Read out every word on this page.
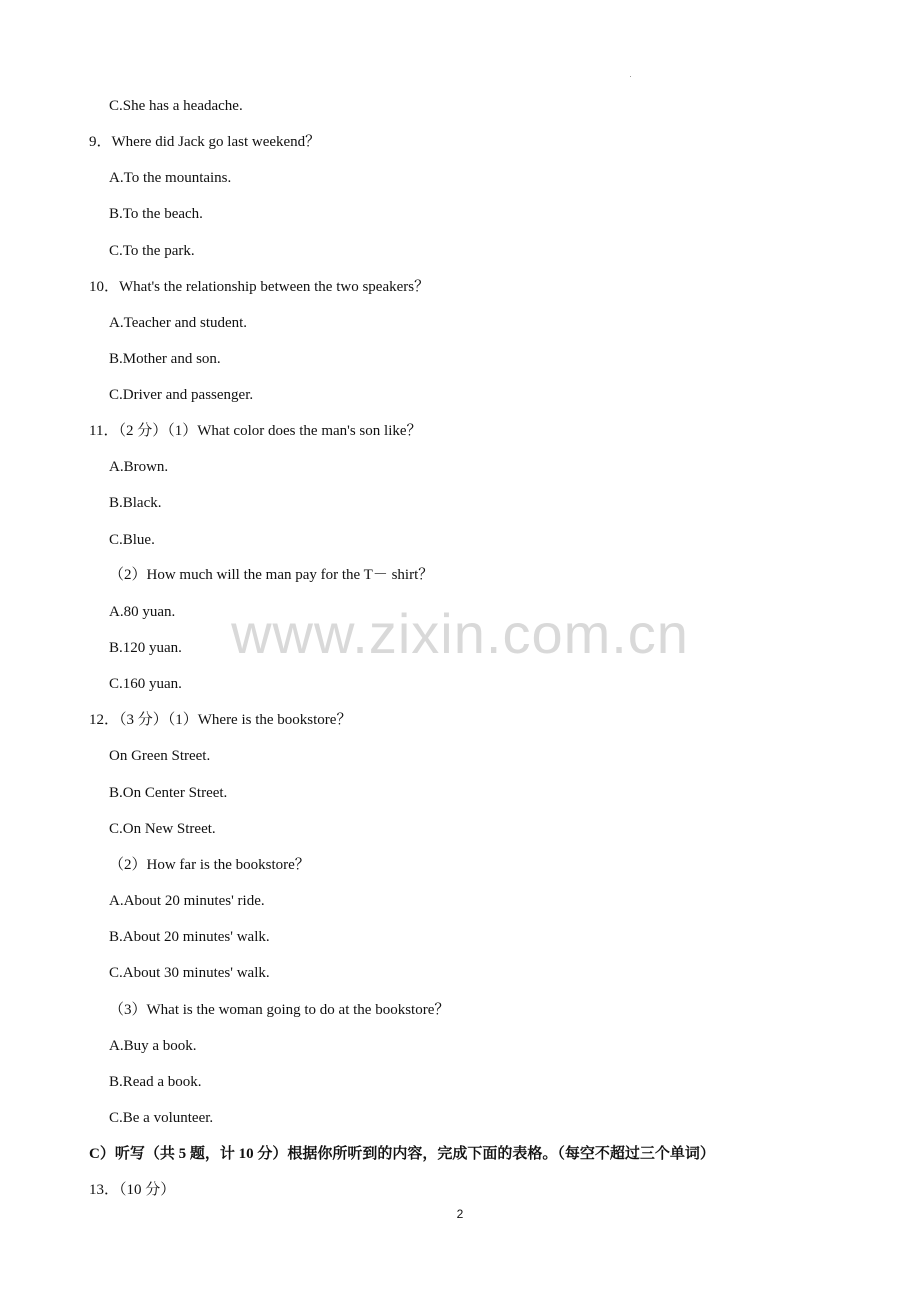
C.She has a headache.
9．Where did Jack go last weekend？
A.To the mountains.
B.To the beach.
C.To the park.
10．What's the relationship between the two speakers？
A.Teacher and student.
B.Mother and son.
C.Driver and passenger.
11．（2 分）（1）What color does the man's son like？
A.Brown.
B.Black.
C.Blue.
（2）How much will the man pay for the T－ shirt？
A.80 yuan.
B.120 yuan.
C.160 yuan.
12．（3 分）（1）Where is the bookstore？
On Green Street.
B.On Center Street.
C.On New Street.
（2）How far is the bookstore？
A.About 20 minutes' ride.
B.About 20 minutes' walk.
C.About 30 minutes' walk.
（3）What is the woman going to do at the bookstore？
A.Buy a book.
B.Read a book.
C.Be a volunteer.
C）听写（共 5 题，计 10 分）根据你所听到的内容，完成下面的表格。（每空不超过三个单词）
13．（10 分）
www.zixin.com.cn
2
